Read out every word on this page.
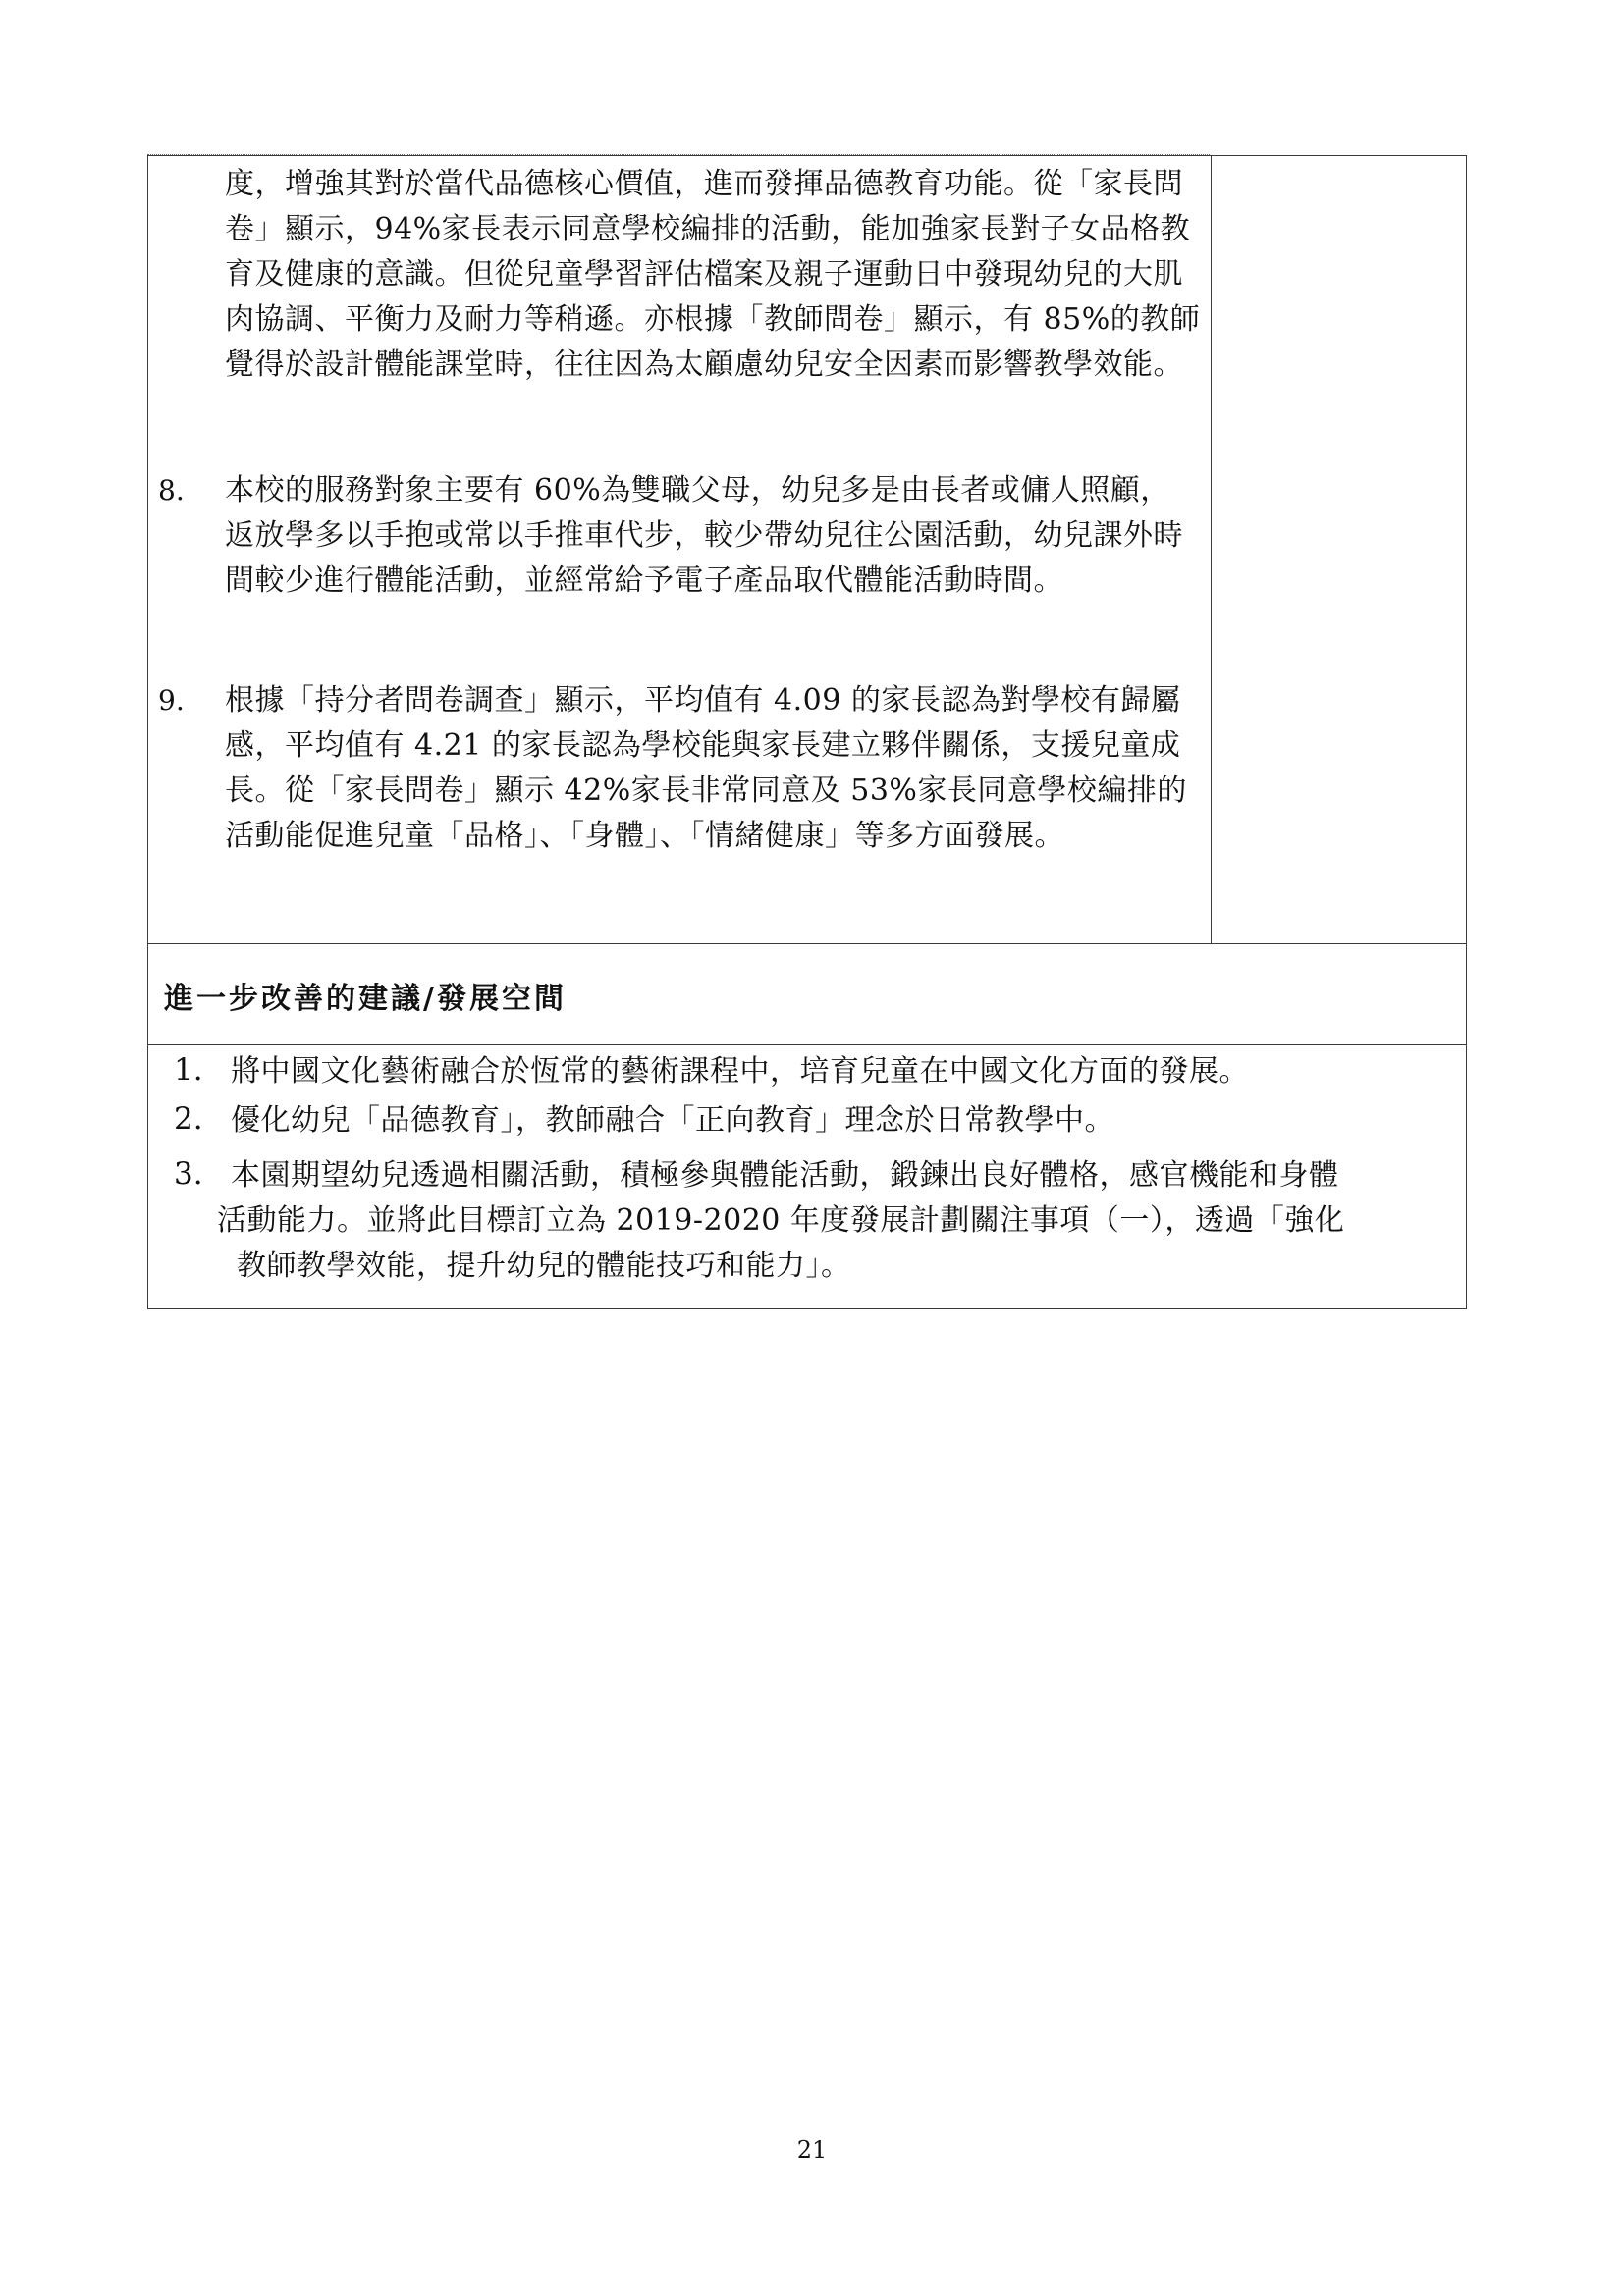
度，增強其對於當代品德核心價值，進而發揮品德教育功能。從「家長問卷」顯示，94%家長表示同意學校編排的活動，能加強家長對子女品格教育及健康的意識。但從兒童學習評估檔案及親子運動日中發現幼兒的大肌肉協調、平衡力及耐力等稍遜。亦根據「教師問卷」顯示，有 85%的教師覺得於設計體能課堂時，往往因為太顧慮幼兒安全因素而影響教學效能。
8.	本校的服務對象主要有 60%為雙職父母，幼兒多是由長者或傭人照顧，返放學多以手抱或常以手推車代步，較少帶幼兒往公園活動，幼兒課外時間較少進行體能活動，並經常給予電子產品取代體能活動時間。
9.	根據「持分者問卷調查」顯示，平均值有 4.09 的家長認為對學校有歸屬感，平均值有 4.21 的家長認為學校能與家長建立夥伴關係，支援兒童成長。從「家長問卷」顯示 42%家長非常同意及 53%家長同意學校編排的活動能促進兒童「品格」、「身體」、「情緒健康」等多方面發展。
進一步改善的建議/發展空間
1. 將中國文化藝術融合於恆常的藝術課程中，培育兒童在中國文化方面的發展。
2. 優化幼兒「品德教育」，教師融合「正向教育」理念於日常教學中。
3. 本園期望幼兒透過相關活動，積極參與體能活動，鍛鍊出良好體格，感官機能和身體
活動能力。並將此目標訂立為 2019-2020 年度發展計劃關注事項（一），透過「強化
教師教學效能，提升幼兒的體能技巧和能力」。
21
